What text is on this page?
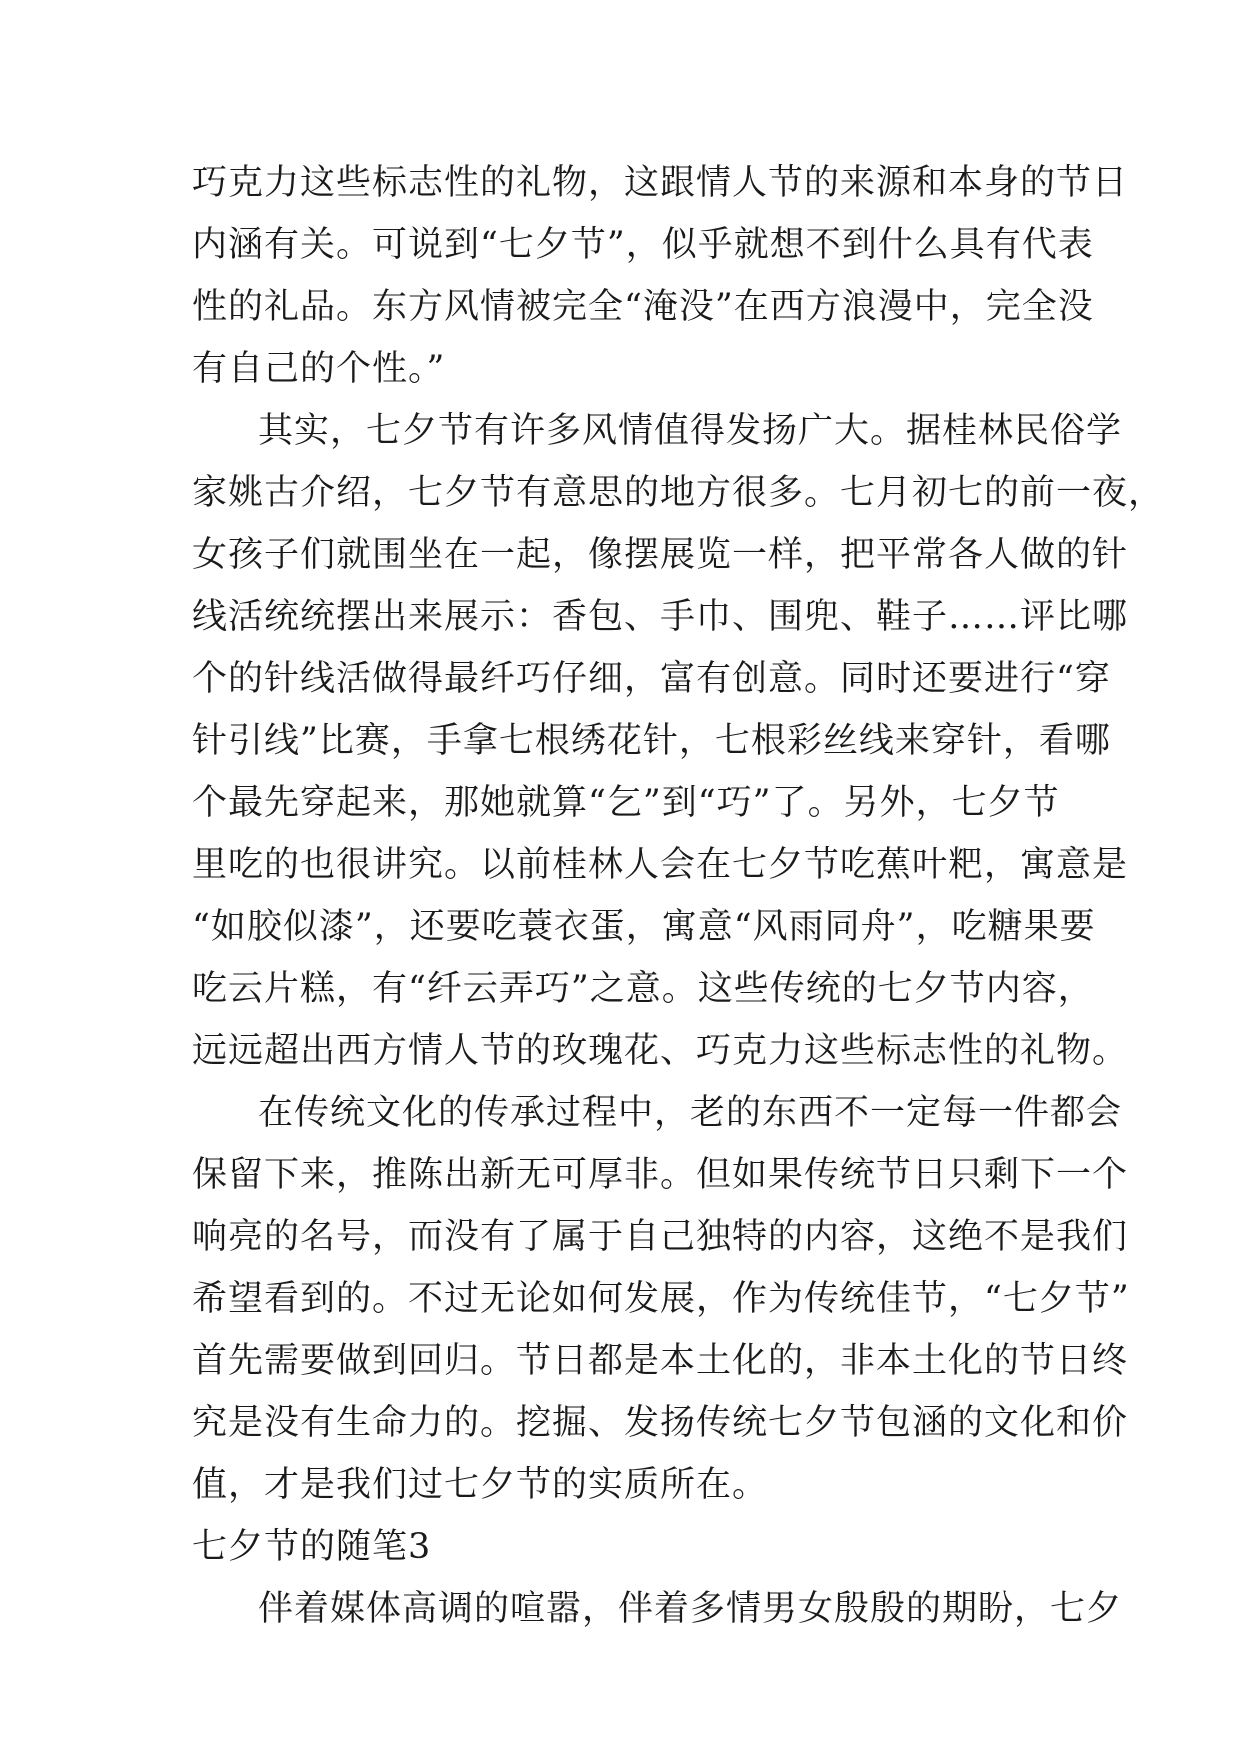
巧克力这些标志性的礼物，这跟情人节的来源和本身的节日
内涵有关。可说到“七夕节”，似乎就想不到什么具有代表
性的礼品。东方风情被完全“淹没”在西方浪漫中，完全没
有自己的个性。”
其实，七夕节有许多风情值得发扬广大。据桂林民俗学
家姚古介绍，七夕节有意思的地方很多。七月初七的前一夜，
女孩子们就围坐在一起，像摆展览一样，把平常各人做的针
线活统统摆出来展示：香包、手巾、围兜、鞋子……评比哪
个的针线活做得最纤巧仔细，富有创意。同时还要进行“穿
针引线”比赛，手拿七根绣花针，七根彩丝线来穿针，看哪
个最先穿起来，那她就算“乞”到“巧”了。另外，七夕节
里吃的也很讲究。以前桂林人会在七夕节吃蕉叶粑，寓意是
“如胶似漆”，还要吃蓑衣蛋，寓意“风雨同舟”，吃糖果要
吃云片糕，有“纤云弄巧”之意。这些传统的七夕节内容，
远远超出西方情人节的玫瑰花、巧克力这些标志性的礼物。
在传统文化的传承过程中，老的东西不一定每一件都会
保留下来，推陈出新无可厚非。但如果传统节日只剩下一个
响亮的名号，而没有了属于自己独特的内容，这绝不是我们
希望看到的。不过无论如何发展，作为传统佳节，“七夕节”
首先需要做到回归。节日都是本土化的，非本土化的节日终
究是没有生命力的。挖掘、发扬传统七夕节包涵的文化和价
值，才是我们过七夕节的实质所在。
七夕节的随笔3
伴着媒体高调的喧嚣，伴着多情男女殷殷的期盼，七夕
